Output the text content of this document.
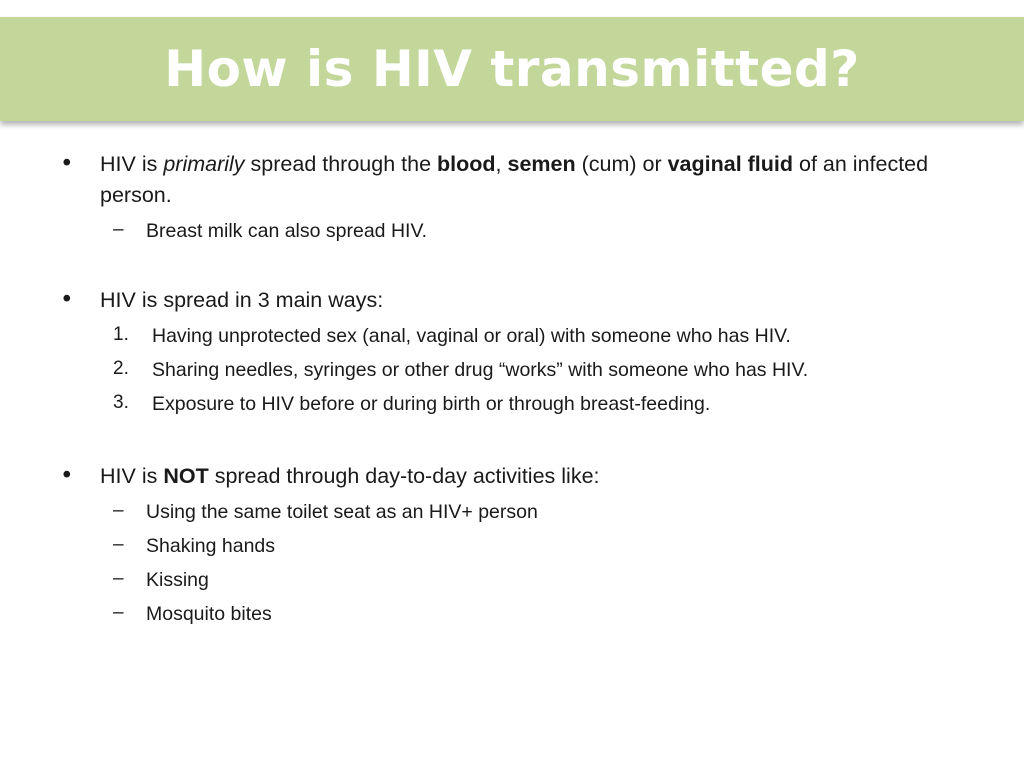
How is HIV transmitted?
• HIV is primarily spread through the blood, semen (cum) or vaginal fluid of an infected person.

– Breast milk can also spread HIV.

• HIV is spread in 3 main ways:

1. Having unprotected sex (anal, vaginal or oral) with someone who has HIV.

2. Sharing needles, syringes or other drug “works” with someone who has HIV.

3. Exposure to HIV before or during birth or through breast-feeding.

• HIV is NOT spread through day-to-day activities like:

– Using the same toilet seat as an HIV+ person

– Shaking hands

– Kissing

– Mosquito bites
